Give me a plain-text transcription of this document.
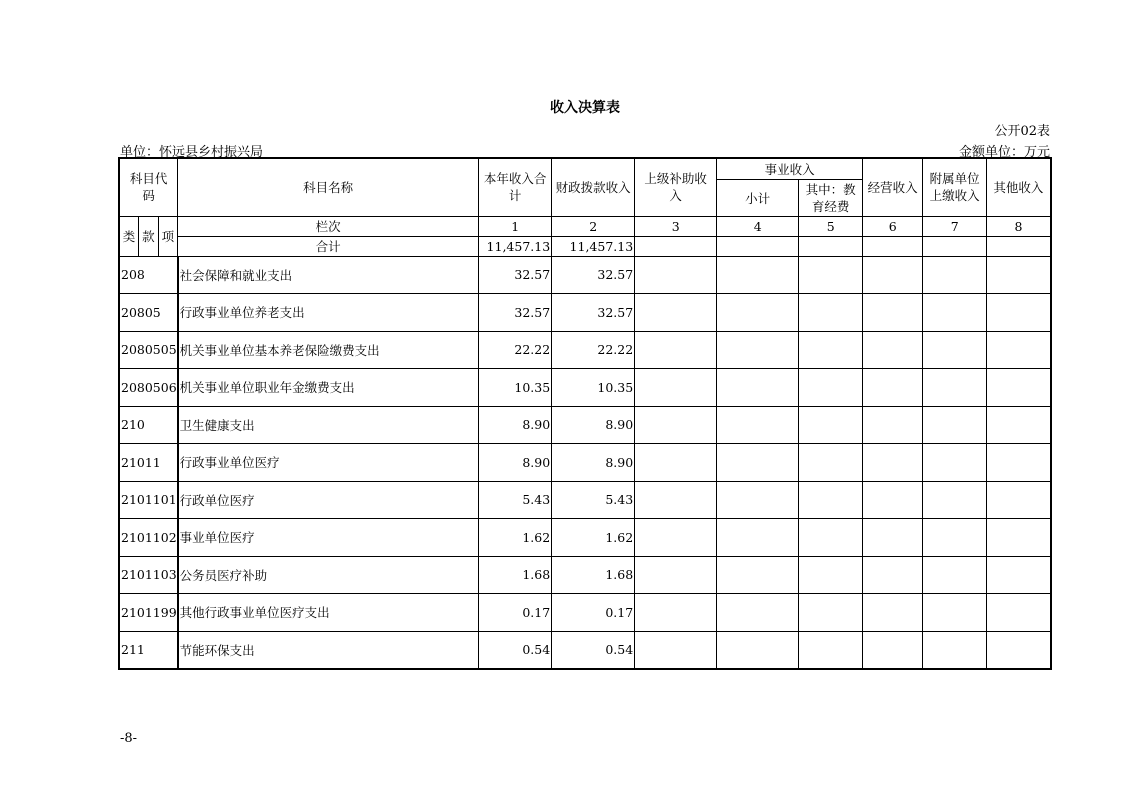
收入决算表
公开02表
单位：怀远县乡村振兴局	金额单位：万元
科目代码			科目名称	本年收入合计	财政拨款收入	上级补助收入	事业收入		经营收入	附属单位上缴收入	其他收入
							小计	其中：教育经费			
类	款	项	栏次	1	2	3	4	5	6	7	8
			合计	11,457.13	11,457.13						
208			社会保障和就业支出	32.57	32.57						
20805			行政事业单位养老支出	32.57	32.57						
2080505			机关事业单位基本养老保险缴费支出	22.22	22.22						
2080506			机关事业单位职业年金缴费支出	10.35	10.35						
210			卫生健康支出	8.90	8.90						
21011			行政事业单位医疗	8.90	8.90						
2101101			行政单位医疗	5.43	5.43						
2101102			事业单位医疗	1.62	1.62						
2101103			公务员医疗补助	1.68	1.68						
2101199			其他行政事业单位医疗支出	0.17	0.17						
211			节能环保支出	0.54	0.54						
-8-
